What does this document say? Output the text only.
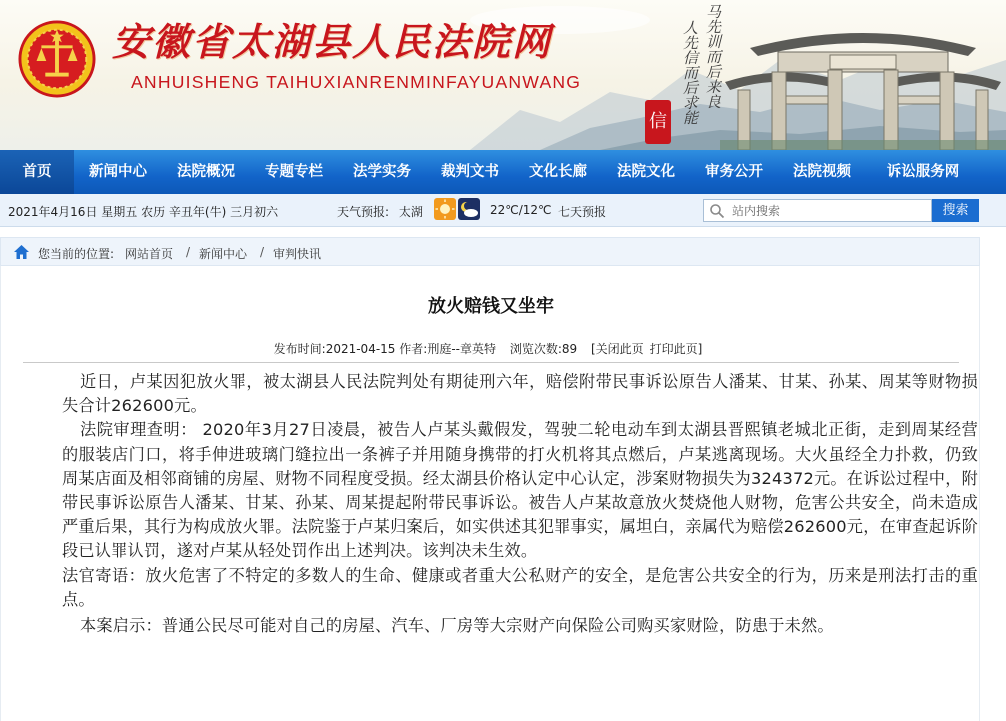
安徽省太湖县人民法院网
ANHUISHENG TAIHUXIANRENMINFAYUANWANG	马先训而后来良
人先信而后求能
信
首页	新闻中心	法院概况	专题专栏	法学实务	裁判文书	文化长廊	法院文化	审务公开	法院视频	诉讼服务网
2021年4月16日 星期五 农历 辛丑年(牛) 三月初六	天气预报: 太湖	22℃/12℃ 七天预报
站内搜索	搜索
您当前的位置: 网站首页 / 新闻中心 / 审判快讯
放火赔钱又坐牢
发布时间:2021-04-15 作者:刑庭--章英特 浏览次数:89 [关闭此页 打印此页]

近日，卢某因犯放火罪，被太湖县人民法院判处有期徒刑六年，赔偿附带民事诉讼原告人潘某、甘某、孙某、周某等财物损失合计262600元。

法院审理查明： 2020年3月27日凌晨，被告人卢某头戴假发，驾驶二轮电动车到太湖县晋熙镇老城北正街，走到周某经营的服装店门口，将手伸进玻璃门缝拉出一条裤子并用随身携带的打火机将其点燃后，卢某逃离现场。大火虽经全力扑救，仍致周某店面及相邻商铺的房屋、财物不同程度受损。经太湖县价格认定中心认定，涉案财物损失为324372元。在诉讼过程中，附带民事诉讼原告人潘某、甘某、孙某、周某提起附带民事诉讼。被告人卢某故意放火焚烧他人财物，危害公共安全，尚未造成严重后果，其行为构成放火罪。法院鉴于卢某归案后，如实供述其犯罪事实，属坦白，亲属代为赔偿262600元，在审查起诉阶段已认罪认罚，遂对卢某从轻处罚作出上述判决。该判决未生效。

法官寄语：放火危害了不特定的多数人的生命、健康或者重大公私财产的安全，是危害公共安全的行为，历来是刑法打击的重点。

本案启示：普通公民尽可能对自己的房屋、汽车、厂房等大宗财产向保险公司购买家财险，防患于未然。
